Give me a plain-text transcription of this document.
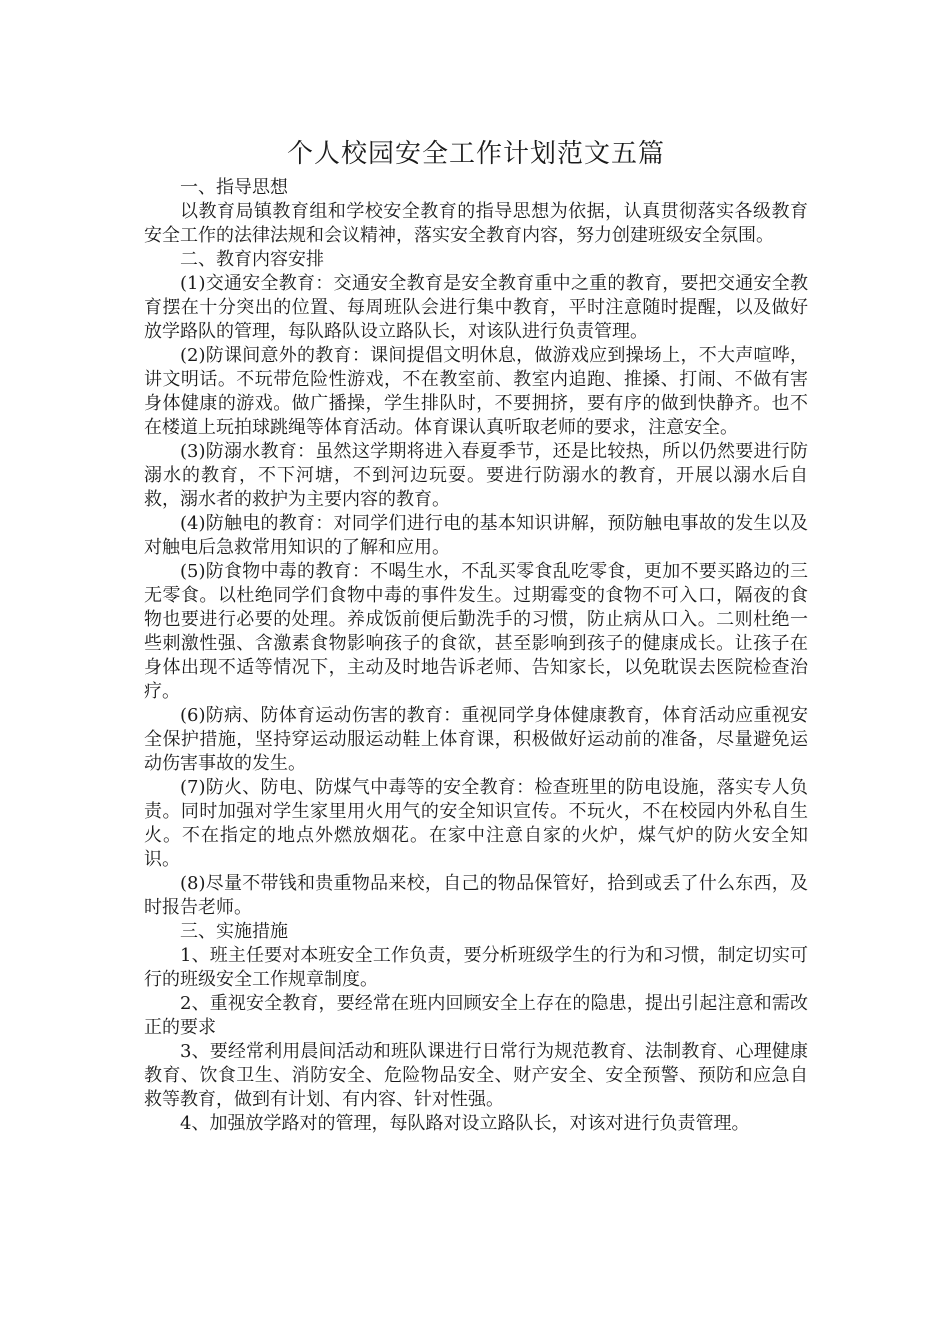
个人校园安全工作计划范文五篇

一、指导思想

以教育局镇教育组和学校安全教育的指导思想为依据，认真贯彻落实各级教育安全工作的法律法规和会议精神，落实安全教育内容，努力创建班级安全氛围。

二、教育内容安排

(1)交通安全教育：交通安全教育是安全教育重中之重的教育，要把交通安全教育摆在十分突出的位置、每周班队会进行集中教育，平时注意随时提醒，以及做好放学路队的管理，每队路队设立路队长，对该队进行负责管理。

(2)防课间意外的教育：课间提倡文明休息，做游戏应到操场上，不大声喧哗，讲文明话。不玩带危险性游戏，不在教室前、教室内追跑、推搡、打闹、不做有害身体健康的游戏。做广播操，学生排队时，不要拥挤，要有序的做到快静齐。也不在楼道上玩拍球跳绳等体育活动。体育课认真听取老师的要求，注意安全。

(3)防溺水教育：虽然这学期将进入春夏季节，还是比较热，所以仍然要进行防溺水的教育，不下河塘，不到河边玩耍。要进行防溺水的教育，开展以溺水后自救，溺水者的救护为主要内容的教育。

(4)防触电的教育：对同学们进行电的基本知识讲解，预防触电事故的发生以及对触电后急救常用知识的了解和应用。

(5)防食物中毒的教育：不喝生水，不乱买零食乱吃零食，更加不要买路边的三无零食。以杜绝同学们食物中毒的事件发生。过期霉变的食物不可入口，隔夜的食物也要进行必要的处理。养成饭前便后勤洗手的习惯，防止病从口入。二则杜绝一些刺激性强、含激素食物影响孩子的食欲，甚至影响到孩子的健康成长。让孩子在身体出现不适等情况下，主动及时地告诉老师、告知家长，以免耽误去医院检查治疗。

(6)防病、防体育运动伤害的教育：重视同学身体健康教育，体育活动应重视安全保护措施，坚持穿运动服运动鞋上体育课，积极做好运动前的准备，尽量避免运动伤害事故的发生。

(7)防火、防电、防煤气中毒等的安全教育：检查班里的防电设施，落实专人负责。同时加强对学生家里用火用气的安全知识宣传。不玩火，不在校园内外私自生火。不在指定的地点外燃放烟花。在家中注意自家的火炉，煤气炉的防火安全知识。

(8)尽量不带钱和贵重物品来校，自己的物品保管好，拾到或丢了什么东西，及时报告老师。

三、实施措施

1、班主任要对本班安全工作负责，要分析班级学生的行为和习惯，制定切实可行的班级安全工作规章制度。

2、重视安全教育，要经常在班内回顾安全上存在的隐患，提出引起注意和需改正的要求

3、要经常利用晨间活动和班队课进行日常行为规范教育、法制教育、心理健康教育、饮食卫生、消防安全、危险物品安全、财产安全、安全预警、预防和应急自救等教育，做到有计划、有内容、针对性强。

4、加强放学路对的管理，每队路对设立路队长，对该对进行负责管理。
